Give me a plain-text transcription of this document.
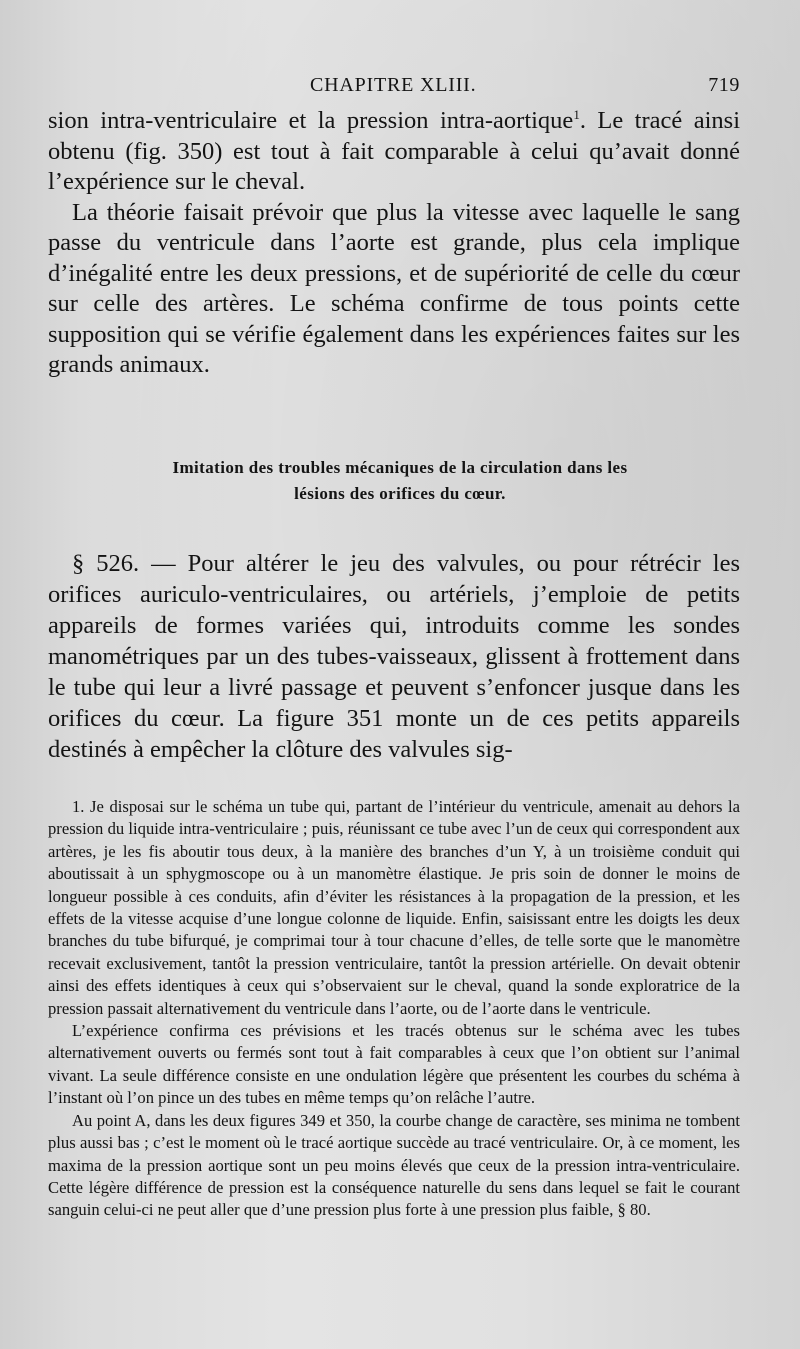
CHAPITRE XLIII.	719

sion intra-ventriculaire et la pression intra-aortique$^1$. Le tracé ainsi obtenu (fig. 350) est tout à fait comparable à celui qu’avait donné l’expérience sur le cheval.

La théorie faisait prévoir que plus la vitesse avec laquelle le sang passe du ventricule dans l’aorte est grande, plus cela implique d’inégalité entre les deux pressions, et de supériorité de celle du cœur sur celle des artères. Le schéma confirme de tous points cette supposition qui se vérifie également dans les expériences faites sur les grands animaux.

Imitation des troubles mécaniques de la circulation dans les
lésions des orifices du cœur.

§ 526. — Pour altérer le jeu des valvules, ou pour rétrécir les orifices auriculo-ventriculaires, ou artériels, j’emploie de petits appareils de formes variées qui, introduits comme les sondes manométriques par un des tubes-vaisseaux, glissent à frottement dans le tube qui leur a livré passage et peuvent s’enfoncer jusque dans les orifices du cœur. La figure 351 monte un de ces petits appareils destinés à empêcher la clôture des valvules sig-

1. Je disposai sur le schéma un tube qui, partant de l’intérieur du ventricule, amenait au dehors la pression du liquide intra-ventriculaire ; puis, réunissant ce tube avec l’un de ceux qui correspondent aux artères, je les fis aboutir tous deux, à la manière des branches d’un Y, à un troisième conduit qui aboutissait à un sphygmoscope ou à un manomètre élastique. Je pris soin de donner le moins de longueur possible à ces conduits, afin d’éviter les résistances à la propagation de la pression, et les effets de la vitesse acquise d’une longue colonne de liquide. Enfin, saisissant entre les doigts les deux branches du tube bifurqué, je comprimai tour à tour chacune d’elles, de telle sorte que le manomètre recevait exclusivement, tantôt la pression ventriculaire, tantôt la pression artérielle. On devait obtenir ainsi des effets identiques à ceux qui s’observaient sur le cheval, quand la sonde exploratrice de la pression passait alternativement du ventricule dans l’aorte, ou de l’aorte dans le ventricule.

L’expérience confirma ces prévisions et les tracés obtenus sur le schéma avec les tubes alternativement ouverts ou fermés sont tout à fait comparables à ceux que l’on obtient sur l’animal vivant. La seule différence consiste en une ondulation légère que présentent les courbes du schéma à l’instant où l’on pince un des tubes en même temps qu’on relâche l’autre.

Au point A, dans les deux figures 349 et 350, la courbe change de caractère, ses minima ne tombent plus aussi bas ; c’est le moment où le tracé aortique succède au tracé ventriculaire. Or, à ce moment, les maxima de la pression aortique sont un peu moins élevés que ceux de la pression intra-ventriculaire. Cette légère différence de pression est la conséquence naturelle du sens dans lequel se fait le courant sanguin celui-ci ne peut aller que d’une pression plus forte à une pression plus faible, § 80.
